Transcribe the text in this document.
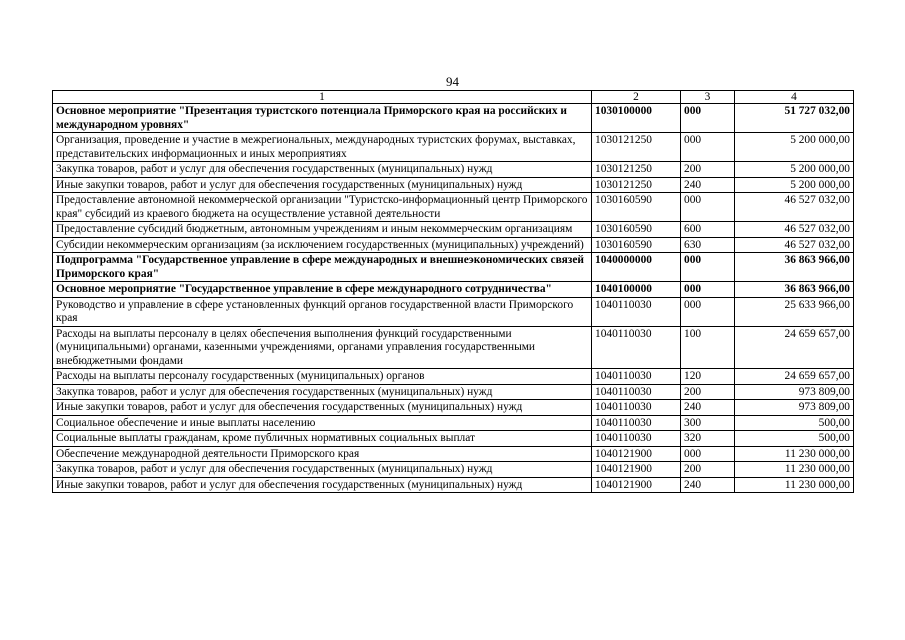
94
1	2	3	4
Основное мероприятие "Презентация туристского потенциала Приморского края на российских и международном уровнях"	1030100000	000	51 727 032,00
Организация, проведение и участие в межрегиональных, международных туристских форумах, выставках, представительских информационных и иных мероприятиях	1030121250	000	5 200 000,00
Закупка товаров, работ и услуг для обеспечения государственных (муниципальных) нужд	1030121250	200	5 200 000,00
Иные закупки товаров, работ и услуг для обеспечения государственных (муниципальных) нужд	1030121250	240	5 200 000,00
Предоставление автономной некоммерческой организации "Туристско-информационный центр Приморского края" субсидий из краевого бюджета на осуществление уставной деятельности	1030160590	000	46 527 032,00
Предоставление субсидий бюджетным, автономным учреждениям и иным некоммерческим организациям	1030160590	600	46 527 032,00
Субсидии некоммерческим организациям (за исключением государственных (муниципальных) учреждений)	1030160590	630	46 527 032,00
Подпрограмма "Государственное управление в сфере международных и внешнеэкономических связей Приморского края"	1040000000	000	36 863 966,00
Основное мероприятие "Государственное управление в сфере международного сотрудничества"	1040100000	000	36 863 966,00
Руководство и управление в сфере установленных функций органов государственной власти Приморского края	1040110030	000	25 633 966,00
Расходы на выплаты персоналу в целях обеспечения выполнения функций государственными (муниципальными) органами, казенными учреждениями, органами управления государственными внебюджетными фондами	1040110030	100	24 659 657,00
Расходы на выплаты персоналу государственных (муниципальных) органов	1040110030	120	24 659 657,00
Закупка товаров, работ и услуг для обеспечения государственных (муниципальных) нужд	1040110030	200	973 809,00
Иные закупки товаров, работ и услуг для обеспечения государственных (муниципальных) нужд	1040110030	240	973 809,00
Социальное обеспечение и иные выплаты населению	1040110030	300	500,00
Социальные выплаты гражданам, кроме публичных нормативных социальных выплат	1040110030	320	500,00
Обеспечение международной деятельности Приморского края	1040121900	000	11 230 000,00
Закупка товаров, работ и услуг для обеспечения государственных (муниципальных) нужд	1040121900	200	11 230 000,00
Иные закупки товаров, работ и услуг для обеспечения государственных (муниципальных) нужд	1040121900	240	11 230 000,00
